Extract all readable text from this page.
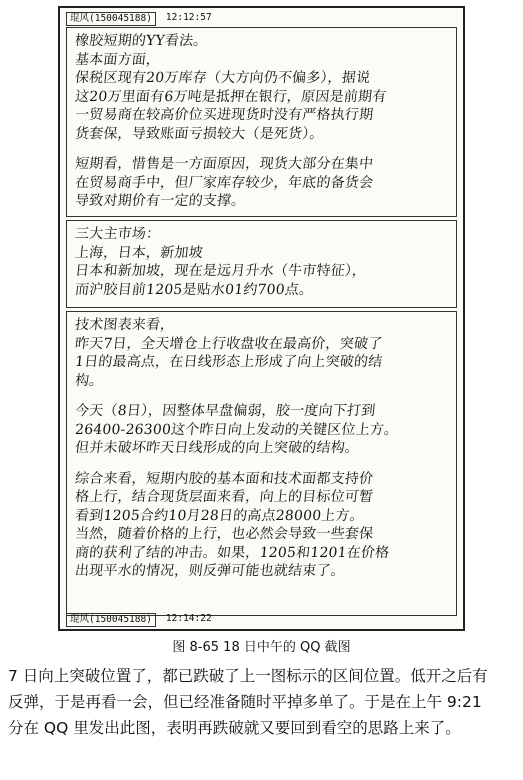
琨风(150045188)	12:12:57

橡胶短期的YY看法。

基本面方面，

保税区现有20万库存（大方向仍不偏多），据说

这20万里面有6万吨是抵押在银行，原因是前期有

一贸易商在较高价位买进现货时没有严格执行期

货套保，导致账面亏损较大（是死货）。

短期看，惜售是一方面原因，现货大部分在集中

在贸易商手中，但厂家库存较少，年底的备货会

导致对期价有一定的支撑。

三大主市场：

上海，日本，新加坡

日本和新加坡，现在是远月升水（牛市特征），

而沪胶目前1205是贴水01约700点。

技术图表来看，

昨天7日，全天增仓上行收盘收在最高价，突破了

1日的最高点，在日线形态上形成了向上突破的结

构。

今天（8日），因整体早盘偏弱，胶一度向下打到

26400-26300这个昨日向上发动的关键区位上方。

但并未破坏昨天日线形成的向上突破的结构。

综合来看，短期内胶的基本面和技术面都支持价

格上行，结合现货层面来看，向上的目标位可暂

看到1205合约10月28日的高点28000上方。

当然，随着价格的上行，也必然会导致一些套保

商的获利了结的冲击。如果，1205和1201在价格

出现平水的情况，则反弹可能也就结束了。

琨风(150045188)	12:14:22
图 8-65 18 日中午的 QQ 截图

7 日向上突破位置了，都已跌破了上一图标示的区间位置。低开之后有

反弹，于是再看一会，但已经准备随时平掉多单了。于是在上午 9:21

分在 QQ 里发出此图，表明再跌破就又要回到看空的思路上来了。
